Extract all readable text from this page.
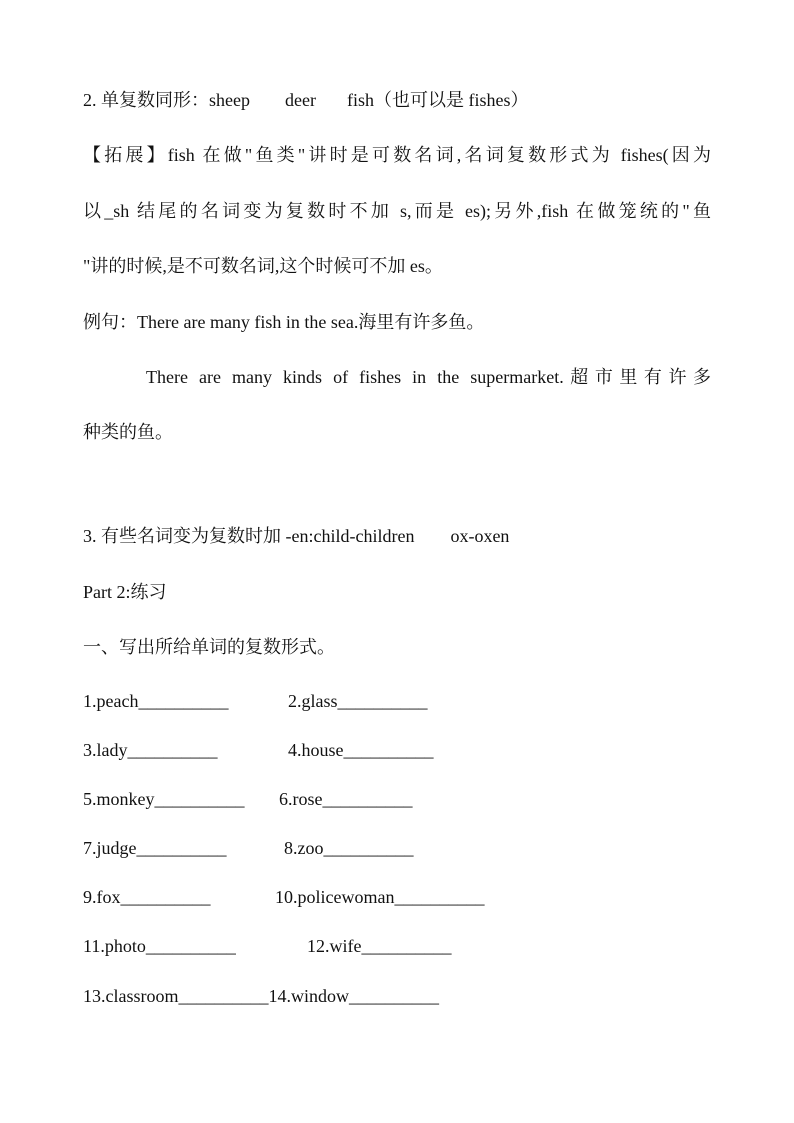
2. 单复数同形：sheep deer fish（也可以是 fishes）
【拓展】fish 在做"鱼类"讲时是可数名词,名词复数形式为 fishes(因为
以_sh 结尾的名词变为复数时不加 s,而是 es);另外,fish 在做笼统的"鱼
"讲的时候,是不可数名词,这个时候可不加 es。
例句：There are many fish in the sea.海里有许多鱼。
There are many kinds of fishes in the supermarket.超市里有许多
种类的鱼。
3. 有些名词变为复数时加 -en:child-children ox-oxen
Part 2:练习
一、写出所给单词的复数形式。
1.peach__________	2.glass__________
3.lady__________	4.house__________
5.monkey__________ 6.rose__________
7.judge__________	8.zoo__________
9.fox__________	10.policewoman__________
11.photo__________	12.wife__________
13.classroom__________14.window__________
